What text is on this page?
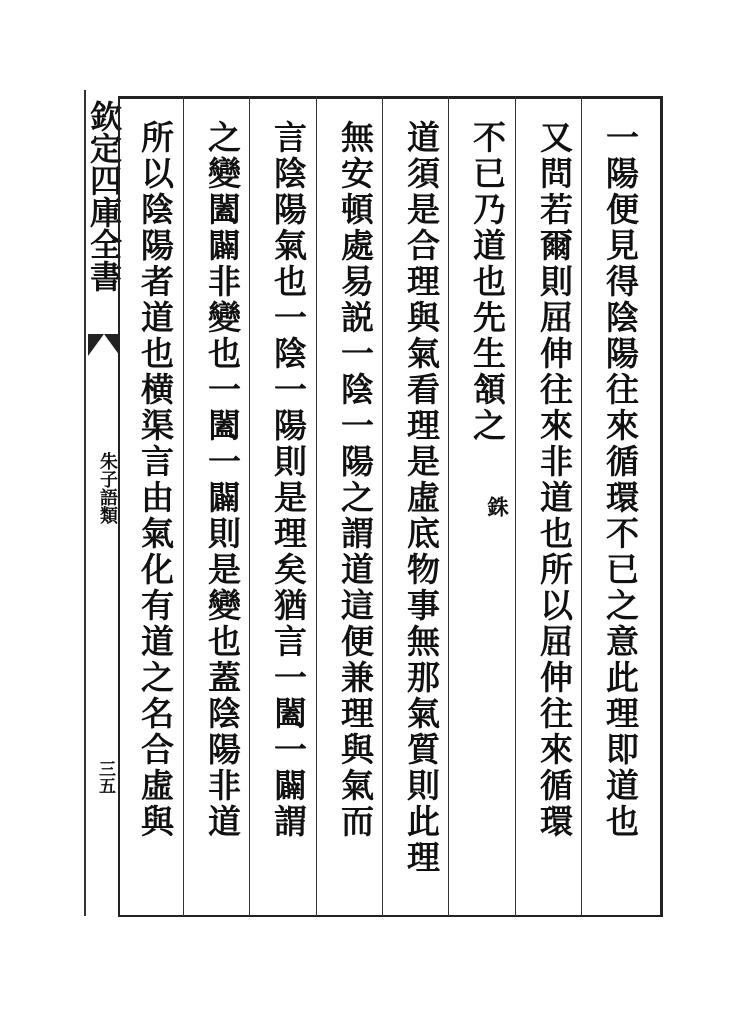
欽定四庫全書
朱子語類
三五	一陽便見得陰陽往來循環不已之意此理即道也
又問若爾則屈伸往來非道也所以屈伸往來循環
不已乃道也先生頷之
銖
道須是合理與氣看理是虛底物事無那氣質則此理
無安頓處易説一陰一陽之謂道這便兼理與氣而
言陰陽氣也一陰一陽則是理矣猶言一闔一闢謂
之變闔闢非變也一闔一闢則是變也蓋陰陽非道
所以陰陽者道也横渠言由氣化有道之名合虛與
